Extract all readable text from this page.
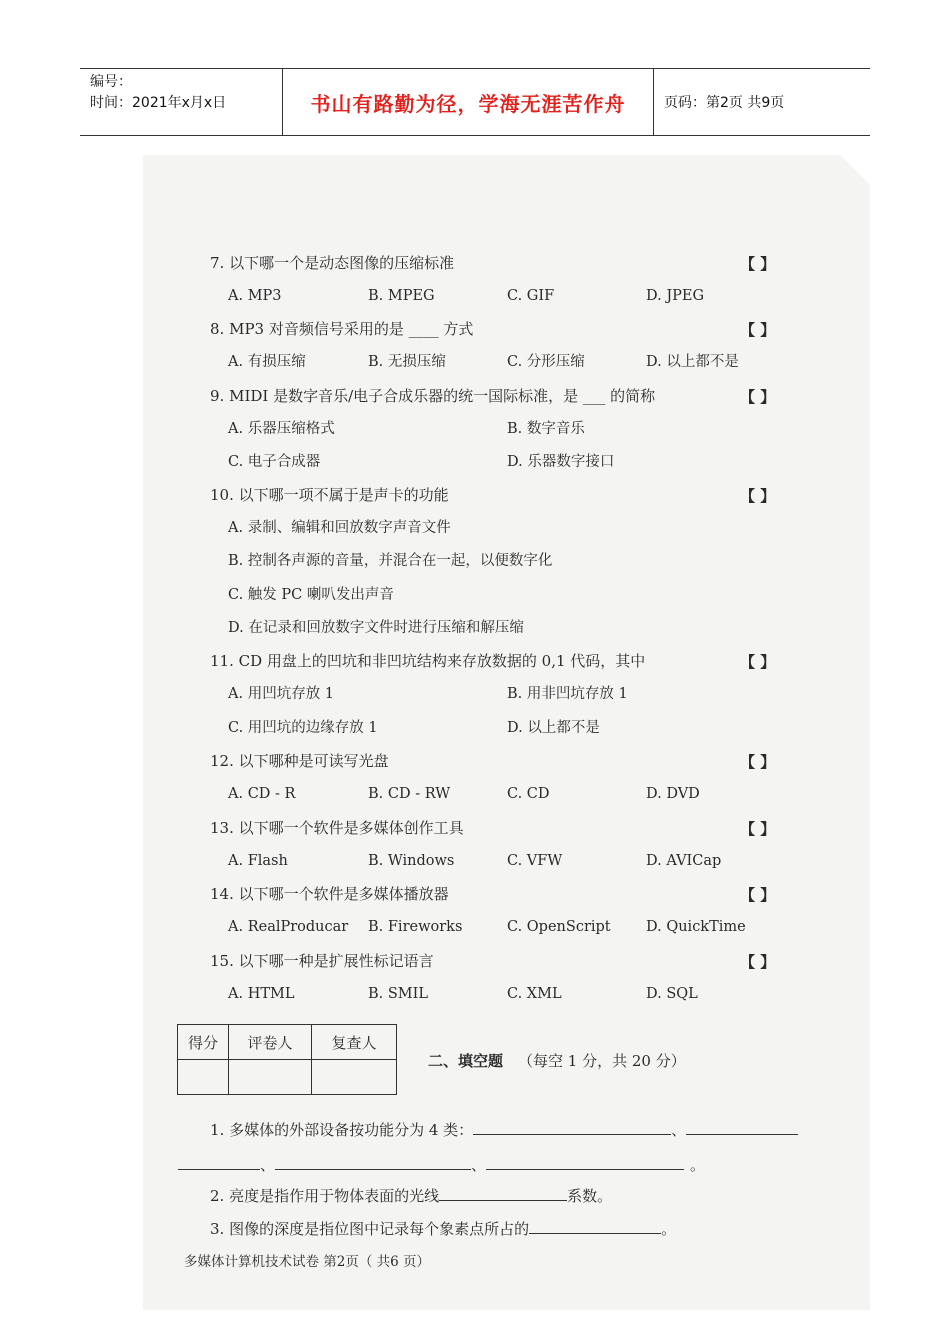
编号：
时间：2021年x月x日	书山有路勤为径，学海无涯苦作舟	页码：第2页 共9页
7. 以下哪一个是动态图像的压缩标准	【 】
A. MP3	B. MPEG	C. GIF	D. JPEG
8. MP3 对音频信号采用的是 ____ 方式	【 】
A. 有损压缩	B. 无损压缩	C. 分形压缩	D. 以上都不是
9. MIDI 是数字音乐/电子合成乐器的统一国际标准，是 ___ 的简称	【 】
A. 乐器压缩格式	B. 数字音乐
C. 电子合成器	D. 乐器数字接口
10. 以下哪一项不属于是声卡的功能	【 】
A. 录制、编辑和回放数字声音文件
B. 控制各声源的音量，并混合在一起，以便数字化
C. 触发 PC 喇叭发出声音
D. 在记录和回放数字文件时进行压缩和解压缩
11. CD 用盘上的凹坑和非凹坑结构来存放数据的 0,1 代码，其中	【 】
A. 用凹坑存放 1	B. 用非凹坑存放 1
C. 用凹坑的边缘存放 1	D. 以上都不是
12. 以下哪种是可读写光盘	【 】
A. CD - R	B. CD - RW	C. CD	D. DVD
13. 以下哪一个软件是多媒体创作工具	【 】
A. Flash	B. Windows	C. VFW	D. AVICap
14. 以下哪一个软件是多媒体播放器	【 】
A. RealProducar B. Fireworks	C. OpenScript D. QuickTime
15. 以下哪一种是扩展性标记语言	【 】
A. HTML	B. SMIL	C. XML	D. SQL
得分	评卷人	复查人

二、填空题 （每空 1 分，共 20 分）
1. 多媒体的外部设备按功能分为 4 类：	、
、	、	。
2. 亮度是指作用于物体表面的光线	系数。
3. 图像的深度是指位图中记录每个象素点所占的	。
多媒体计算机技术试卷 第2页（ 共6 页）
